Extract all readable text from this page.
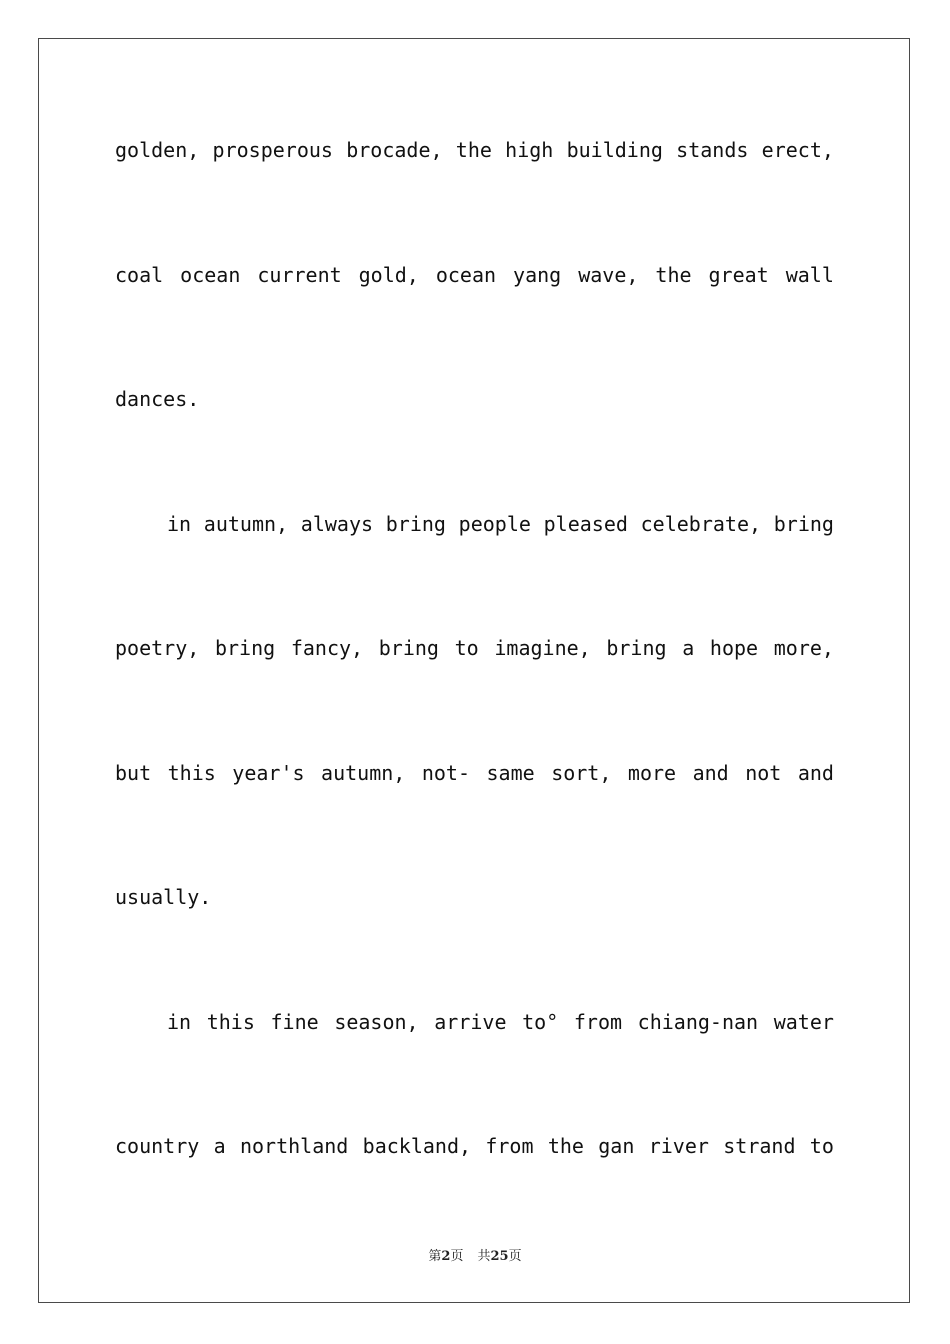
golden, prosperous brocade, the high building stands erect,
coal ocean current gold, ocean yang wave, the great wall
dances.
in autumn, always bring people pleased celebrate, bring
poetry, bring fancy, bring to imagine, bring a hope more,
but this year's autumn, not- same sort, more and not and
usually.
in this fine season, arrive to° from chiang-nan water
country a northland backland, from the gan river strand to
第2页 共25页
